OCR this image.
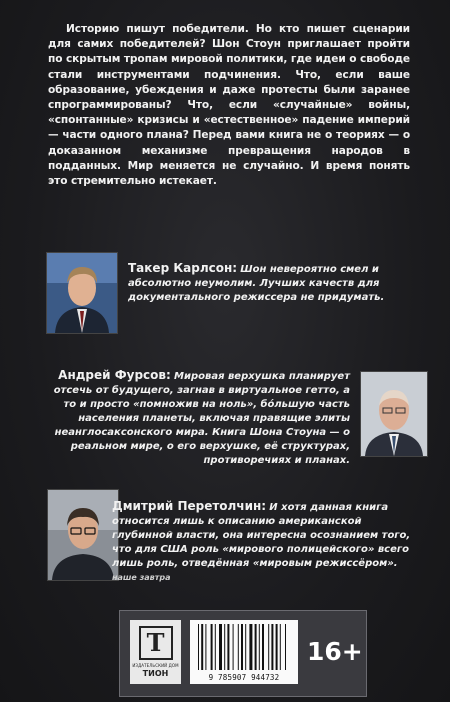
Историю пишут победители. Но кто пишет сценарии для самих победителей? Шон Стоун приглашает пройти по скрытым тропам мировой политики, где идеи о свободе стали инструментами подчинения. Что, если ваше образование, убеждения и даже протесты были заранее спрограммированы? Что, если «случайные» войны, «спонтанные» кризисы и «естественное» падение империй — части одного плана? Перед вами книга не о теориях — о доказанном механизме превращения народов в подданных. Мир меняется не случайно. И время понять это стремительно истекает.
Такер Карлсон: Шон невероятно смел и абсолютно неумолим. Лучших качеств для документального режиссера не придумать.
Андрей Фурсов: Мировая верхушка планирует отсечь от будущего, загнав в виртуальное гетто, а то и просто «помножив на ноль», бóльшую часть населения планеты, включая правящие элиты неанглосаксонского мира. Книга Шона Стоуна — о реальном мире, о его верхушке, её структурах, противоречиях и планах.
Дмитрий Перетолчин: И хотя данная книга относится лишь к описанию американской глубинной власти, она интересна осознанием того, что для США роль «мирового полицейского» всего лишь роль, отведённая «мировым режиссёром». наше завтра
Т
ИЗДАТЕЛЬСКИЙ ДОМ
ТИОН	9 785907 944732
16+
